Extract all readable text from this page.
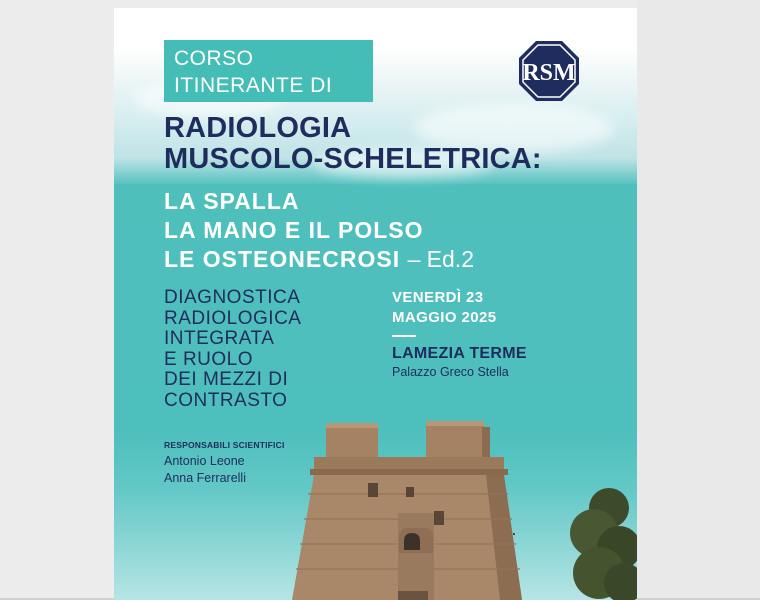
CORSO
ITINERANTE DI	RSM
RADIOLOGIA
MUSCOLO-SCHELETRICA:
LA SPALLA
LA MANO E IL POLSO
LE OSTEONECROSI – Ed.2
DIAGNOSTICA
RADIOLOGICA
INTEGRATA
E RUOLO
DEI MEZZI DI
CONTRASTO
VENERDÌ 23
MAGGIO 2025
LAMEZIA TERME
Palazzo Greco Stella
RESPONSABILI SCIENTIFICI
Antonio Leone
Anna Ferrarelli
